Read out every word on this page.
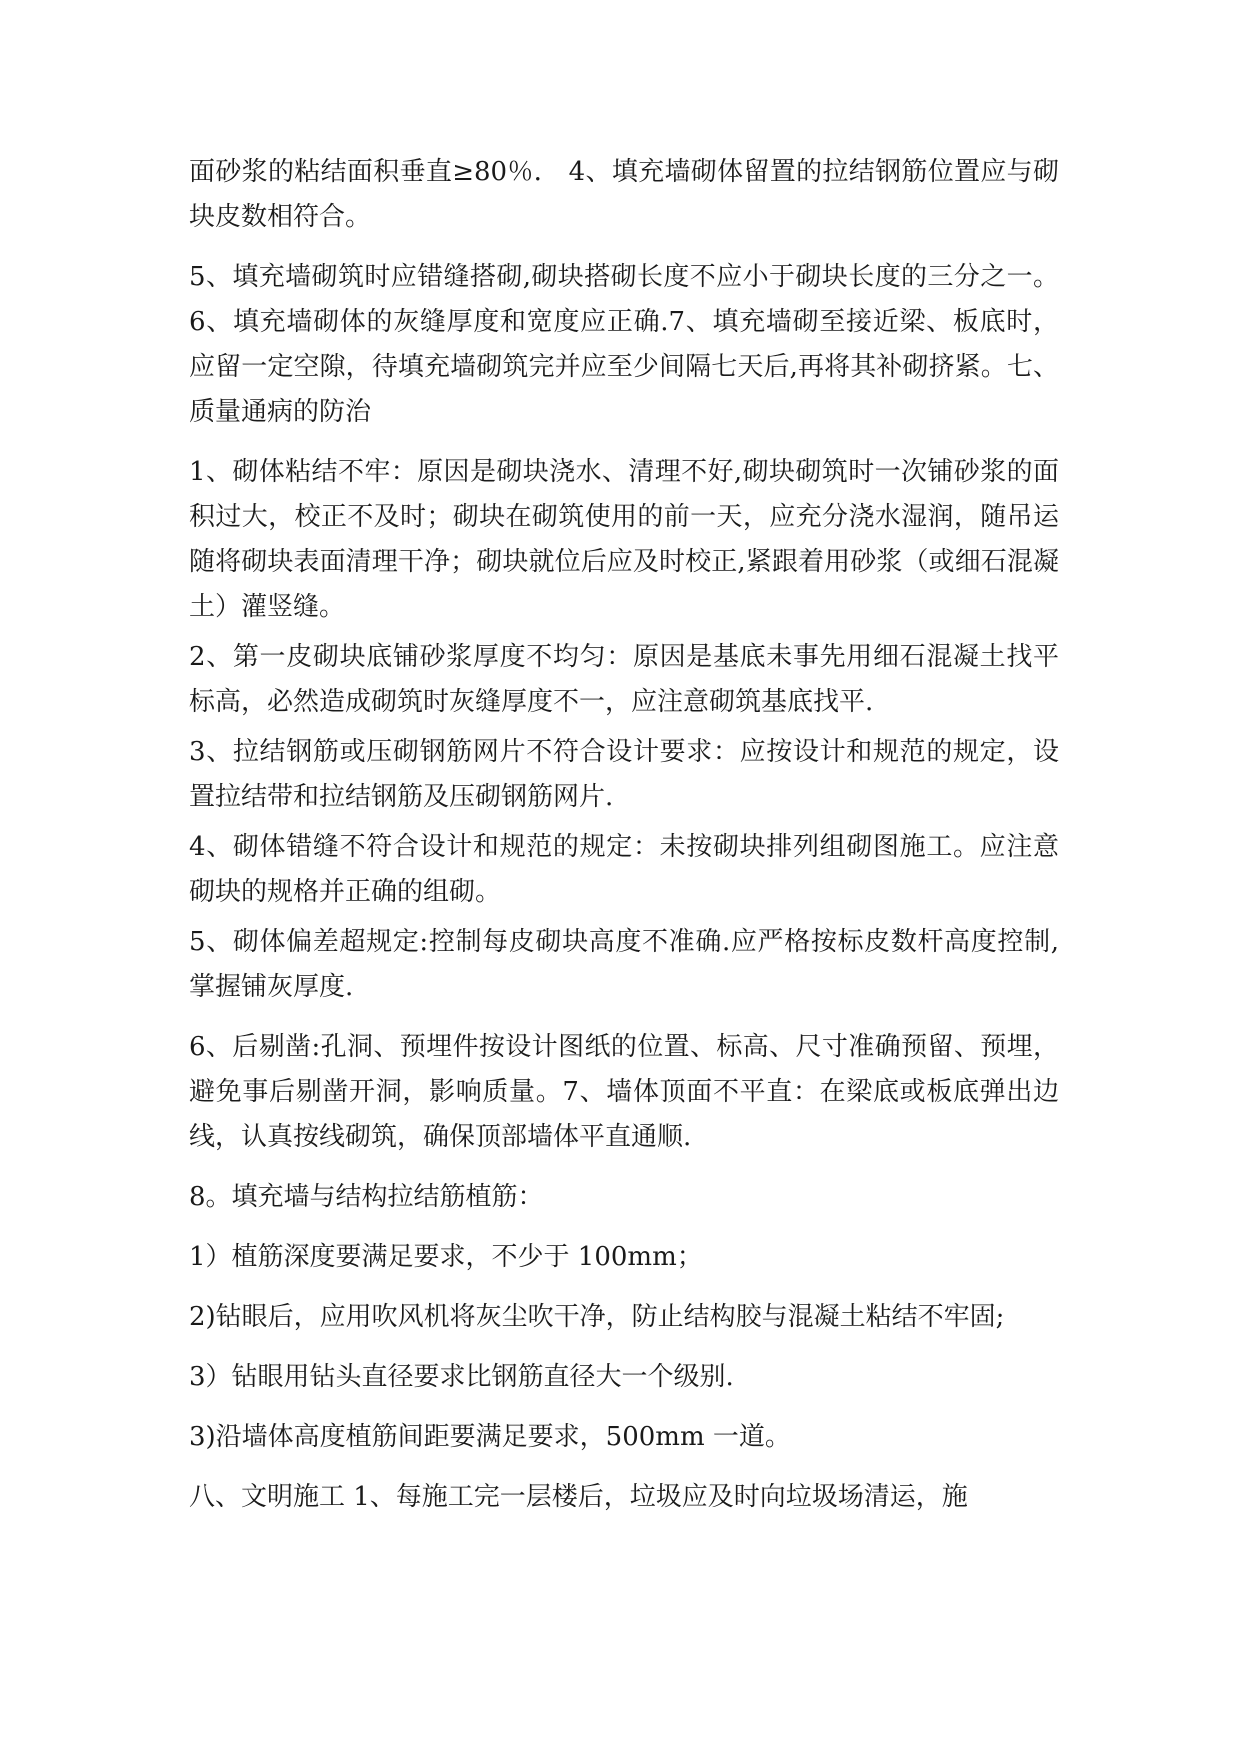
面砂浆的粘结面积垂直≥80％． 4、填充墙砌体留置的拉结钢筋位置应与砌块皮数相符合。

5、填充墙砌筑时应错缝搭砌,砌块搭砌长度不应小于砌块长度的三分之一。6、填充墙砌体的灰缝厚度和宽度应正确.7、填充墙砌至接近梁、板底时，应留一定空隙，待填充墙砌筑完并应至少间隔七天后,再将其补砌挤紧。七、质量通病的防治

1、砌体粘结不牢：原因是砌块浇水、清理不好,砌块砌筑时一次铺砂浆的面积过大，校正不及时；砌块在砌筑使用的前一天，应充分浇水湿润，随吊运随将砌块表面清理干净；砌块就位后应及时校正,紧跟着用砂浆（或细石混凝土）灌竖缝。

2、第一皮砌块底铺砂浆厚度不均匀：原因是基底未事先用细石混凝土找平标高，必然造成砌筑时灰缝厚度不一，应注意砌筑基底找平.

3、拉结钢筋或压砌钢筋网片不符合设计要求：应按设计和规范的规定，设置拉结带和拉结钢筋及压砌钢筋网片.

4、砌体错缝不符合设计和规范的规定：未按砌块排列组砌图施工。应注意砌块的规格并正确的组砌。

5、砌体偏差超规定:控制每皮砌块高度不准确.应严格按标皮数杆高度控制,掌握铺灰厚度.

6、后剔凿:孔洞、预埋件按设计图纸的位置、标高、尺寸准确预留、预埋，避免事后剔凿开洞，影响质量。7、墙体顶面不平直：在梁底或板底弹出边线，认真按线砌筑，确保顶部墙体平直通顺.

8。填充墙与结构拉结筋植筋：

1）植筋深度要满足要求，不少于 100mm；

2)钻眼后，应用吹风机将灰尘吹干净，防止结构胶与混凝土粘结不牢固;

3）钻眼用钻头直径要求比钢筋直径大一个级别.

3)沿墙体高度植筋间距要满足要求，500mm 一道。

八、文明施工 1、每施工完一层楼后，垃圾应及时向垃圾场清运，施
